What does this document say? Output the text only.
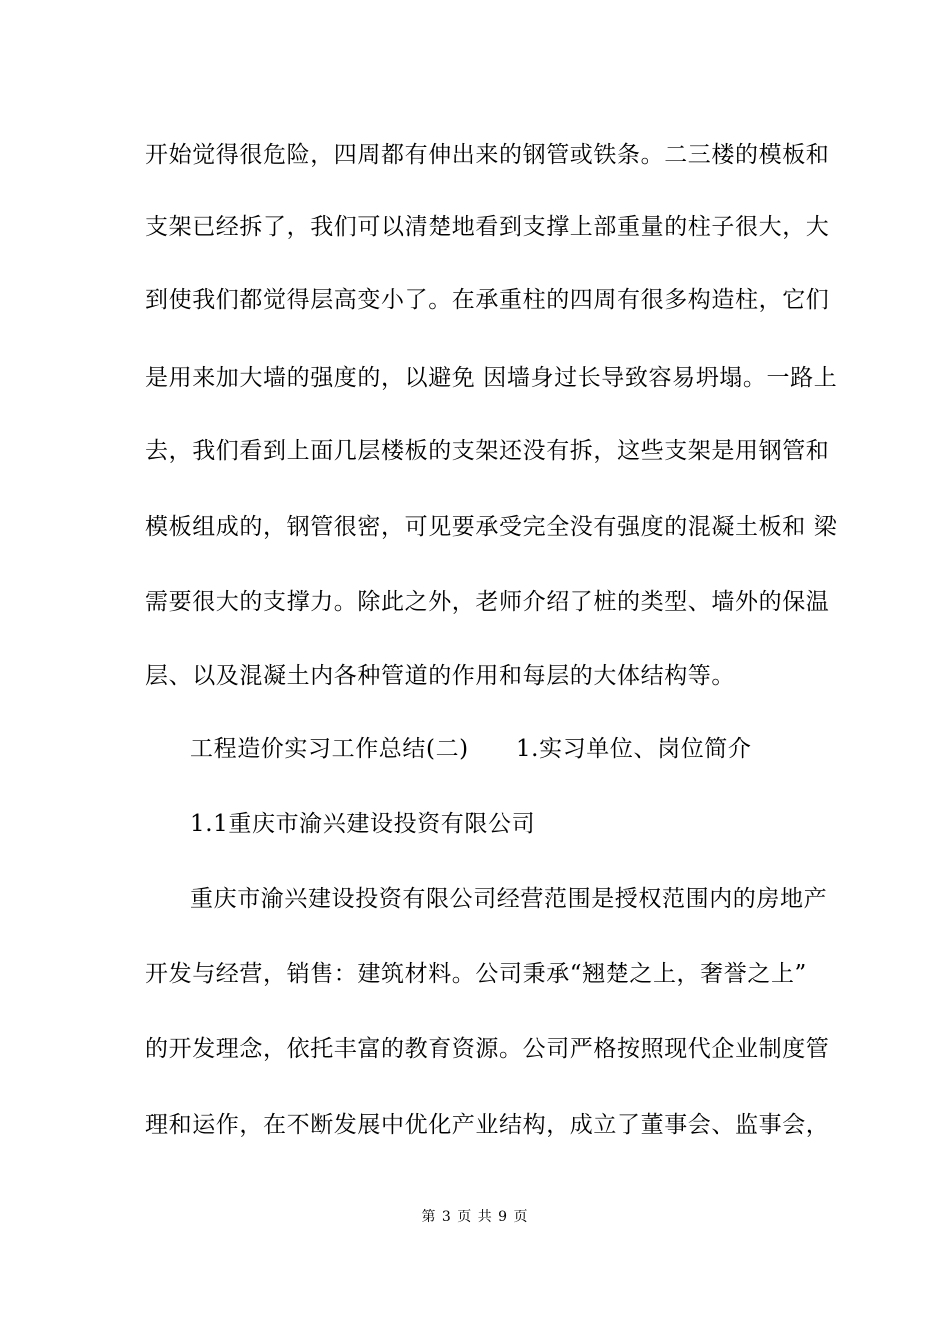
开始觉得很危险，四周都有伸出来的钢管或铁条。二三楼的模板和
支架已经拆了，我们可以清楚地看到支撑上部重量的柱子很大，大
到使我们都觉得层高变小了。在承重柱的四周有很多构造柱，它们
是用来加大墙的强度的，以避免 因墙身过长导致容易坍塌。一路上
去，我们看到上面几层楼板的支架还没有拆，这些支架是用钢管和
模板组成的，钢管很密，可见要承受完全没有强度的混凝土板和 梁
需要很大的支撑力。除此之外，老师介绍了桩的类型、墙外的保温
层、以及混凝土内各种管道的作用和每层的大体结构等。
工程造价实习工作总结(二)　　1.实习单位、岗位简介
1.1重庆市渝兴建设投资有限公司
重庆市渝兴建设投资有限公司经营范围是授权范围内的房地产
开发与经营，销售：建筑材料。公司秉承“翘楚之上，奢誉之上”
的开发理念，依托丰富的教育资源。公司严格按照现代企业制度管
理和运作，在不断发展中优化产业结构，成立了董事会、监事会，
第 3 页 共 9 页
